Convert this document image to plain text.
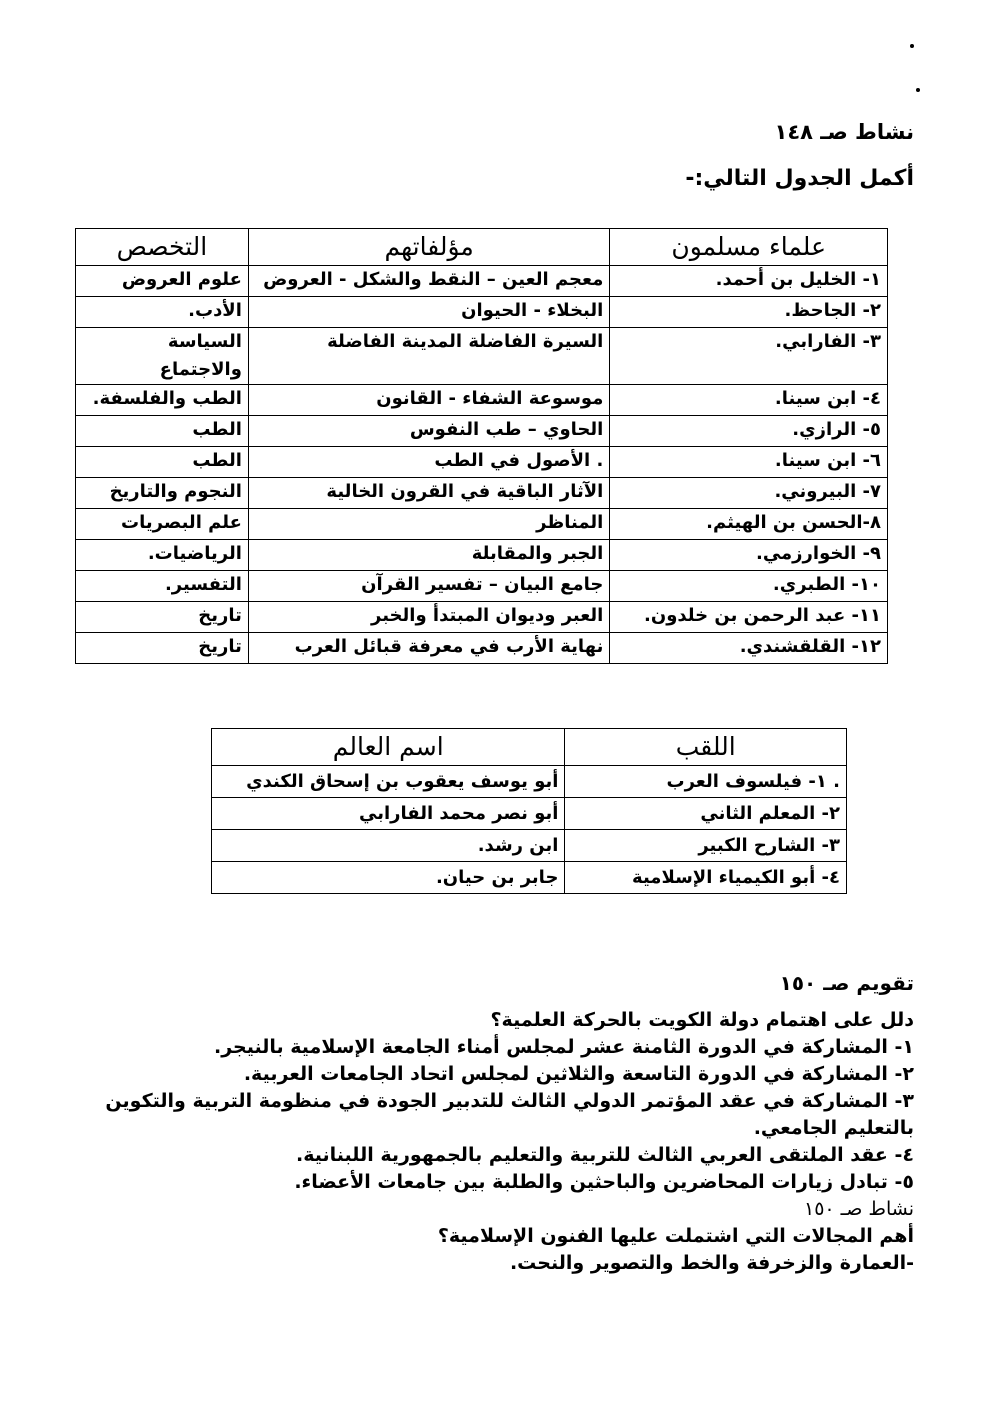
نشاط صـ ١٤٨
أكمل الجدول التالي:-
علماء مسلمون	مؤلفاتهم	التخصص
١- الخليل بن أحمد.	معجم العين – النقط والشكل - العروض	علوم العروض
٢- الجاحظ.	البخلاء - الحيوان	الأدب.
٣- الفارابي.	السيرة الفاضلة المدينة الفاضلة	السياسة والاجتماع
٤- ابن سينا.	موسوعة الشفاء - القانون	الطب والفلسفة.
٥- الرازي.	الحاوي – طب النفوس	الطب
٦- ابن سينا.	. الأصول في الطب	الطب
٧- البيروني.	الآثار الباقية في القرون الخالية	النجوم والتاريخ
٨-الحسن بن الهيثم.	المناظر	علم البصريات
٩- الخوارزمي.	الجبر والمقابلة	الرياضيات.
١٠- الطبري.	جامع البيان – تفسير القرآن	التفسير.
١١- عبد الرحمن بن خلدون.	العبر وديوان المبتدأ والخبر	تاريخ
١٢- القلقشندي.	نهاية الأرب في معرفة قبائل العرب	تاريخ
اللقب	اسم العالم
. ١- فيلسوف العرب	أبو يوسف يعقوب بن إسحاق الكندي
٢- المعلم الثاني	أبو نصر محمد الفارابي
٣- الشارح الكبير	ابن رشد.
٤- أبو الكيمياء الإسلامية	جابر بن حيان.
تقويم صـ ١٥٠
دلل على اهتمام دولة الكويت بالحركة العلمية؟
١- المشاركة في الدورة الثامنة عشر لمجلس أمناء الجامعة الإسلامية بالنيجر.
٢- المشاركة في الدورة التاسعة والثلاثين لمجلس اتحاد الجامعات العربية.
٣- المشاركة في عقد المؤتمر الدولي الثالث للتدبير الجودة في منظومة التربية والتكوين بالتعليم الجامعي.
٤- عقد الملتقى العربي الثالث للتربية والتعليم بالجمهورية اللبنانية.
٥- تبادل زيارات المحاضرين والباحثين والطلبة بين جامعات الأعضاء.
نشاط صـ ١٥٠
أهم المجالات التي اشتملت عليها الفنون الإسلامية؟
-العمارة والزخرفة والخط والتصوير والنحت.
